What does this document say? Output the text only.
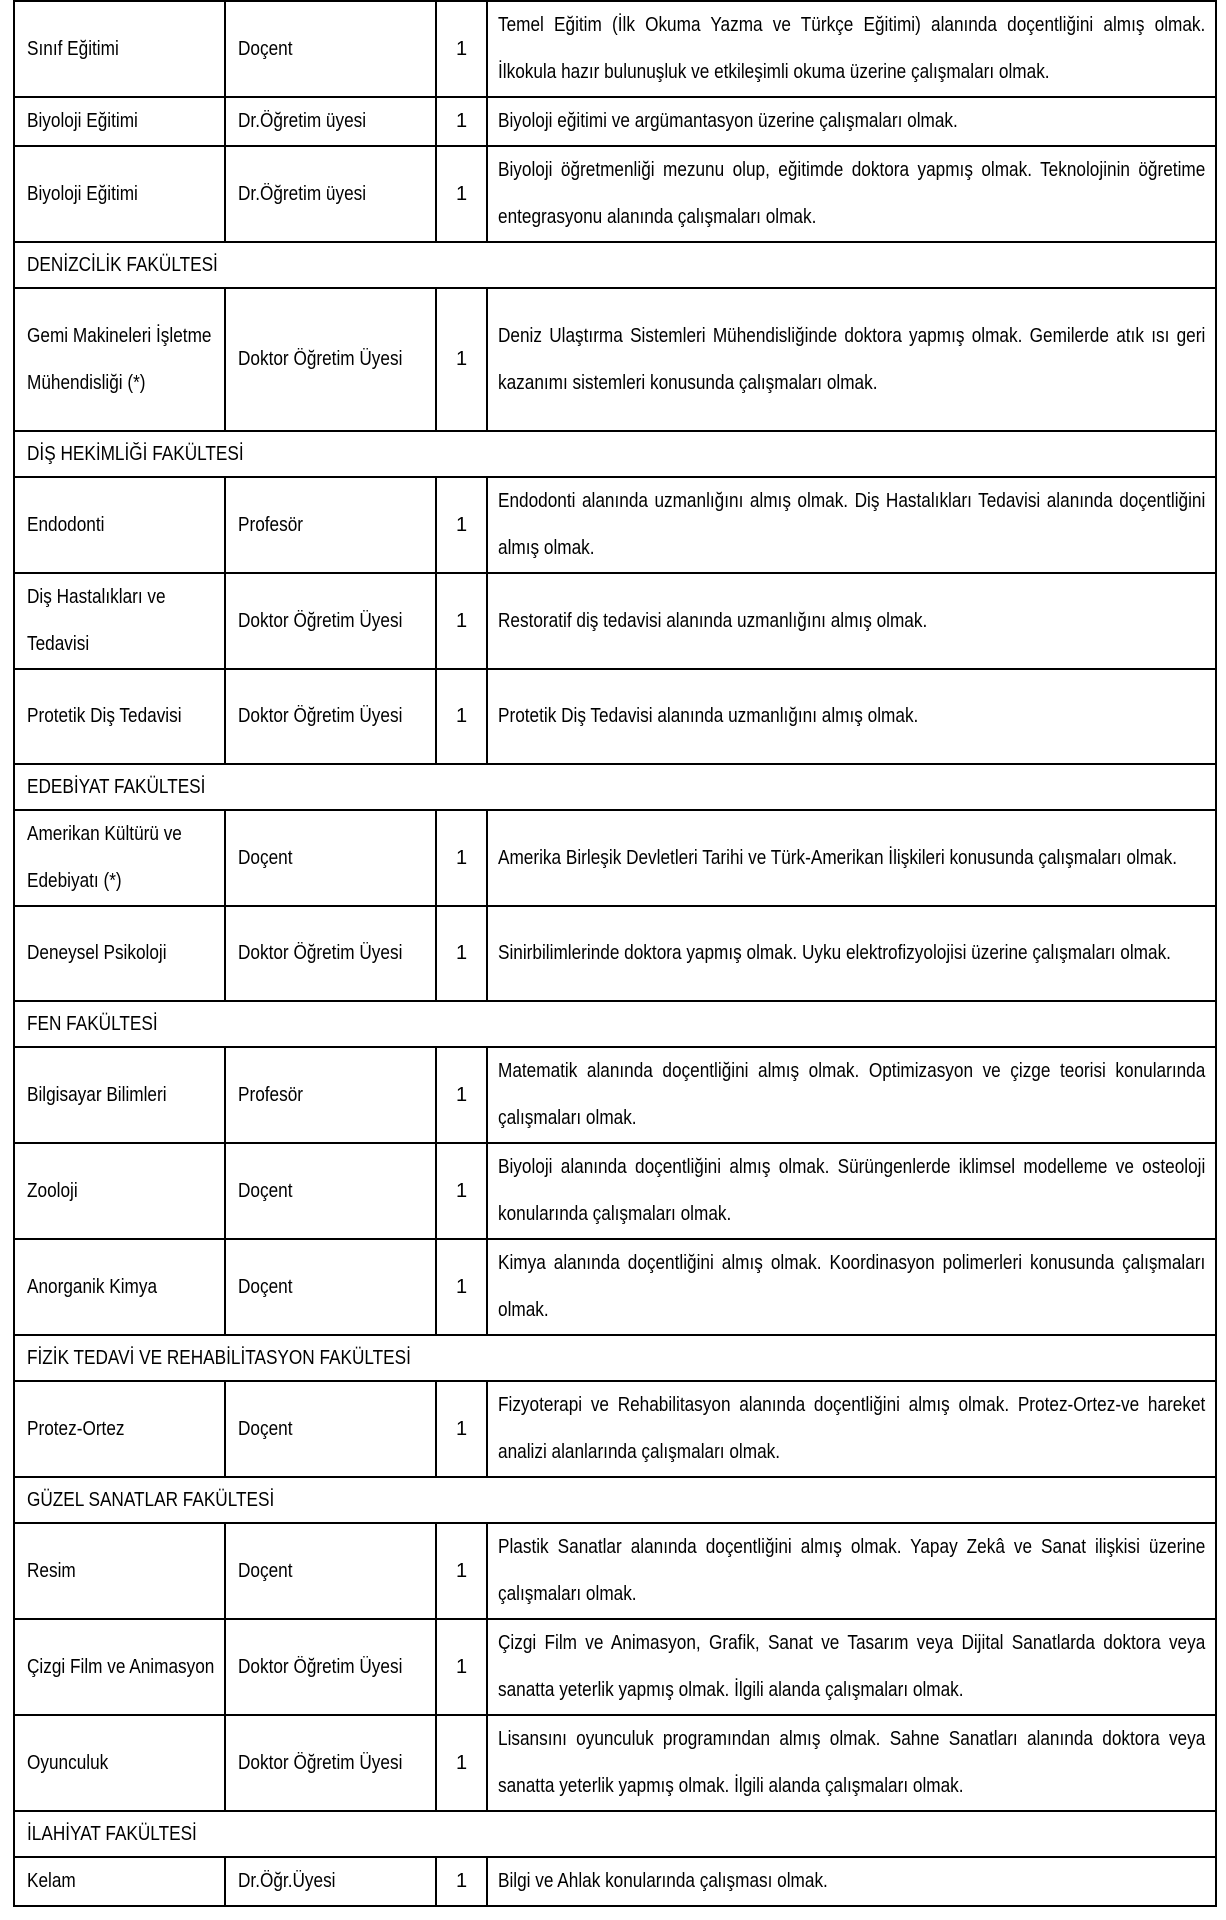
Sınıf Eğitimi	Doçent	1	Temel Eğitim (İlk Okuma Yazma ve Türkçe Eğitimi) alanında doçentliğini almış olmak. İlkokula hazır bulunuşluk ve etkileşimli okuma üzerine çalışmaları olmak.

Biyoloji Eğitimi	Dr.Öğretim üyesi	1	Biyoloji eğitimi ve argümantasyon üzerine çalışmaları olmak.

Biyoloji Eğitimi	Dr.Öğretim üyesi	1	Biyoloji öğretmenliği mezunu olup, eğitimde doktora yapmış olmak. Teknolojinin öğretime entegrasyonu alanında çalışmaları olmak.

DENİZCİLİK FAKÜLTESİ			

Gemi Makineleri İşletme Mühendisliği (*)	Doktor Öğretim Üyesi	1	Deniz Ulaştırma Sistemleri Mühendisliğinde doktora yapmış olmak. Gemilerde atık ısı geri kazanımı sistemleri konusunda çalışmaları olmak.

DİŞ HEKİMLİĞİ FAKÜLTESİ			
Endodonti	Profesör	1	Endodonti alanında uzmanlığını almış olmak. Diş Hastalıkları Tedavisi alanında doçentliğini almış olmak.

Diş Hastalıkları ve Tedavisi	Doktor Öğretim Üyesi	1	Restoratif diş tedavisi alanında uzmanlığını almış olmak.

Protetik Diş Tedavisi	Doktor Öğretim Üyesi	1	Protetik Diş Tedavisi alanında uzmanlığını almış olmak.

EDEBİYAT FAKÜLTESİ			

Amerikan Kültürü ve Edebiyatı (*)	Doçent	1	Amerika Birleşik Devletleri Tarihi ve Türk-Amerikan İlişkileri konusunda çalışmaları olmak.

Deneysel Psikoloji	Doktor Öğretim Üyesi	1	Sinirbilimlerinde doktora yapmış olmak. Uyku elektrofizyolojisi üzerine çalışmaları olmak.

FEN FAKÜLTESİ			
Bilgisayar Bilimleri	Profesör	1	Matematik alanında doçentliğini almış olmak. Optimizasyon ve çizge teorisi konularında çalışmaları olmak.

Zooloji	Doçent	1	Biyoloji alanında doçentliğini almış olmak. Sürüngenlerde iklimsel modelleme ve osteoloji konularında çalışmaları olmak.

Anorganik Kimya	Doçent	1	Kimya alanında doçentliğini almış olmak. Koordinasyon polimerleri konusunda çalışmaları olmak.

FİZİK TEDAVİ VE REHABİLİTASYON FAKÜLTESİ			
Protez-Ortez	Doçent	1	Fizyoterapi ve Rehabilitasyon alanında doçentliğini almış olmak. Protez-Ortez-ve hareket analizi alanlarında çalışmaları olmak.

GÜZEL SANATLAR FAKÜLTESİ			
Resim	Doçent	1	Plastik Sanatlar alanında doçentliğini almış olmak. Yapay Zekâ ve Sanat ilişkisi üzerine çalışmaları olmak.

Çizgi Film ve Animasyon	Doktor Öğretim Üyesi	1	Çizgi Film ve Animasyon, Grafik, Sanat ve Tasarım veya Dijital Sanatlarda doktora veya sanatta yeterlik yapmış olmak. İlgili alanda çalışmaları olmak.

Oyunculuk	Doktor Öğretim Üyesi	1	Lisansını oyunculuk programından almış olmak. Sahne Sanatları alanında doktora veya sanatta yeterlik yapmış olmak. İlgili alanda çalışmaları olmak.

İLAHİYAT FAKÜLTESİ			
Kelam	Dr.Öğr.Üyesi	1	Bilgi ve Ahlak konularında çalışması olmak.
